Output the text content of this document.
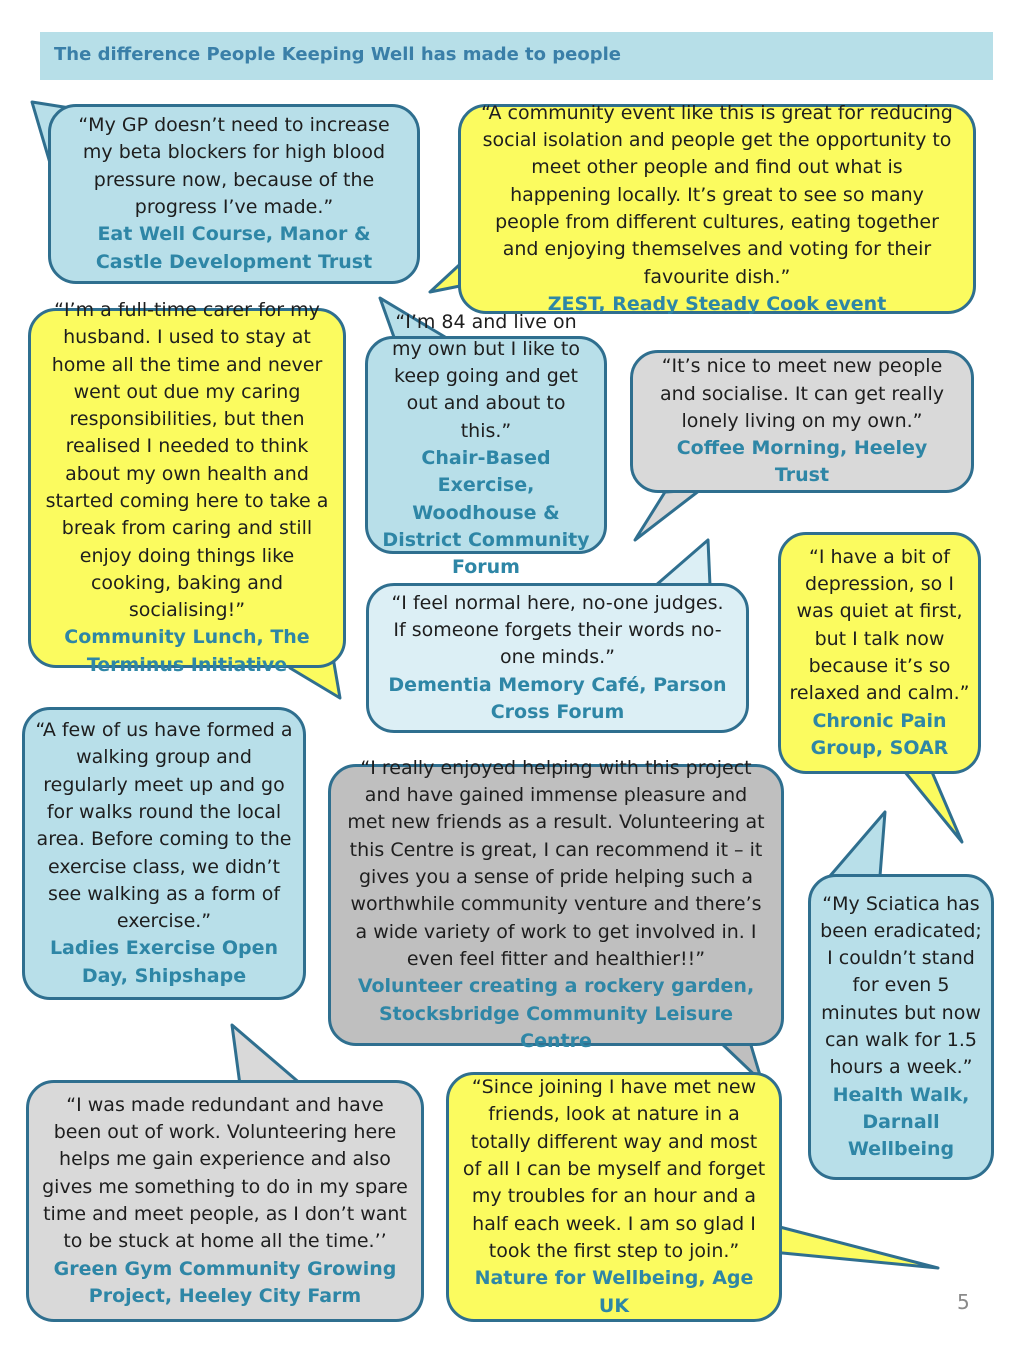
The difference People Keeping Well has made to people

“My GP doesn’t need to increase my beta blockers for high blood pressure now, because of the progress I’ve made.”
Eat Well Course, Manor & Castle Development Trust

“A community event like this is great for reducing social isolation and people get the opportunity to meet other people and find out what is happening locally. It’s great to see so many people from different cultures, eating together and enjoying themselves and voting for their favourite dish.”
ZEST, Ready Steady Cook event

“I’m a full-time carer for my husband. I used to stay at home all the time and never went out due my caring responsibilities, but then realised I needed to think about my own health and started coming here to take a break from caring and still enjoy doing things like cooking, baking and socialising!”
Community Lunch, The Terminus Initiative

“I’m 84 and live on my own but I like to keep going and get out and about to this.”
Chair-Based Exercise, Woodhouse & District Community Forum

“It’s nice to meet new people and socialise. It can get really lonely living on my own.”
Coffee Morning, Heeley Trust

“I have a bit of depression, so I was quiet at first, but I talk now because it’s so relaxed and calm.”
Chronic Pain Group, SOAR

“I feel normal here, no-one judges. If someone forgets their words no-one minds.”
Dementia Memory Café, Parson Cross Forum

“A few of us have formed a walking group and regularly meet up and go for walks round the local area. Before coming to the exercise class, we didn’t see walking as a form of exercise.”
Ladies Exercise Open Day, Shipshape

“I really enjoyed helping with this project and have gained immense pleasure and met new friends as a result. Volunteering at this Centre is great, I can recommend it – it gives you a sense of pride helping such a worthwhile community venture and there’s a wide variety of work to get involved in. I even feel fitter and healthier!!”
Volunteer creating a rockery garden, Stocksbridge Community Leisure Centre

“My Sciatica has been eradicated; I couldn’t stand for even 5 minutes but now can walk for 1.5 hours a week.”
Health Walk, Darnall Wellbeing

“I was made redundant and have been out of work. Volunteering here helps me gain experience and also gives me something to do in my spare time and meet people, as I don’t want to be stuck at home all the time.’’
Green Gym Community Growing Project, Heeley City Farm

“Since joining I have met new friends, look at nature in a totally different way and most of all I can be myself and forget my troubles for an hour and a half each week. I am so glad I took the first step to join.”
Nature for Wellbeing, Age UK	5
